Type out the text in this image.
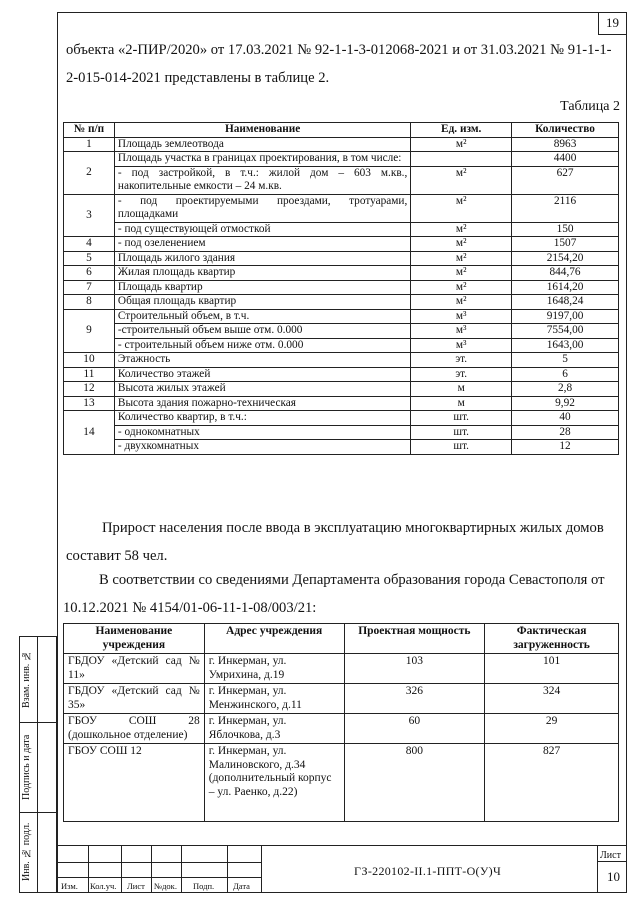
19
объекта «2-ПИР/2020» от 17.03.2021 № 92-1-1-3-012068-2021 и от 31.03.2021 № 91-1-1-2-015-014-2021 представлены в таблице 2.
Таблица 2
№ п/п	Наименование	Ед. изм.	Количество
1	Площадь землеотвода	м²	8963
2	Площадь участка в границах проектирования, в том числе:		4400
	- под застройкой, в т.ч.: жилой дом – 603 м.кв., накопительные емкости – 24 м.кв.	м²	627
3	- под проектируемыми проездами, тротуарами, площадками	м²	2116
	- под существующей отмосткой	м²	150
4	- под озеленением	м²	1507
5	Площадь жилого здания	м²	2154,20
6	Жилая площадь квартир	м²	844,76
7	Площадь квартир	м²	1614,20
8	Общая площадь квартир	м²	1648,24
9	Строительный объем, в т.ч.	м³	9197,00
	-строительный объем выше отм. 0.000	м³	7554,00
	- строительный объем ниже отм. 0.000	м³	1643,00
10	Этажность	эт.	5
11	Количество этажей	эт.	6
12	Высота жилых этажей	м	2,8
13	Высота здания пожарно-техническая	м	9,92
14	Количество квартир, в т.ч.:	шт.	40
	- однокомнатных	шт.	28
	- двухкомнатных	шт.	12
Прирост населения после ввода в эксплуатацию многоквартирных жилых домов составит 58 чел.
В соответствии со сведениями Департамента образования города Севастополя от 10.12.2021 № 4154/01-06-11-1-08/003/21:
Наименование учреждения	Адрес учреждения	Проектная мощность	Фактическая загруженность
ГБДОУ «Детский сад № 11»	г. Инкерман, ул. Умрихина, д.19	103	101
ГБДОУ «Детский сад № 35»	г. Инкерман, ул. Менжинского, д.11	326	324
ГБОУ СОШ 28 (дошкольное отделение)	г. Инкерман, ул. Яблочкова, д.3	60	29
ГБОУ СОШ 12	г. Инкерман, ул. Малиновского, д.34 (дополнительный корпус – ул. Раенко, д.22)	800	827
Взам. инв. №
Подпись и дата
Инв. № подл.
Изм. Кол.уч. Лист №док. Подп. Дата
ГЗ-220102-II.1-ППТ-О(У)Ч
Лист
10
